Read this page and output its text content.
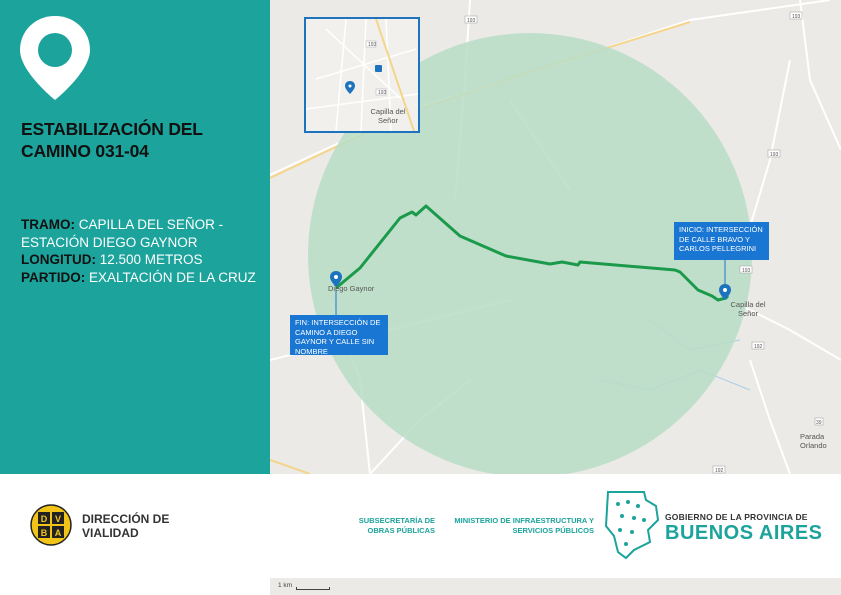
ESTABILIZACIÓN DEL CAMINO 031-04
TRAMO: CAPILLA DEL SEÑOR - ESTACIÓN DIEGO GAYNOR
LONGITUD: 12.500 METROS
PARTIDO: EXALTACIÓN DE LA CRUZ
Diego Gaynor
Capilla del Señor
Parada Orlando
193
193
193
193
192
192
39
Capilla del Señor
193
193
INICIO: INTERSECCIÓN DE CALLE BRAVO Y CARLOS PELLEGRINI
FIN: INTERSECCIÓN DE CAMINO A DIEGO GAYNOR Y CALLE SIN NOMBRE
D V
B A
DIRECCIÓN DE VIALIDAD
SUBSECRETARÍA DE OBRAS PÚBLICAS
MINISTERIO DE INFRAESTRUCTURA Y SERVICIOS PÚBLICOS
GOBIERNO DE LA PROVINCIA DE
BUENOS AIRES
1 km
